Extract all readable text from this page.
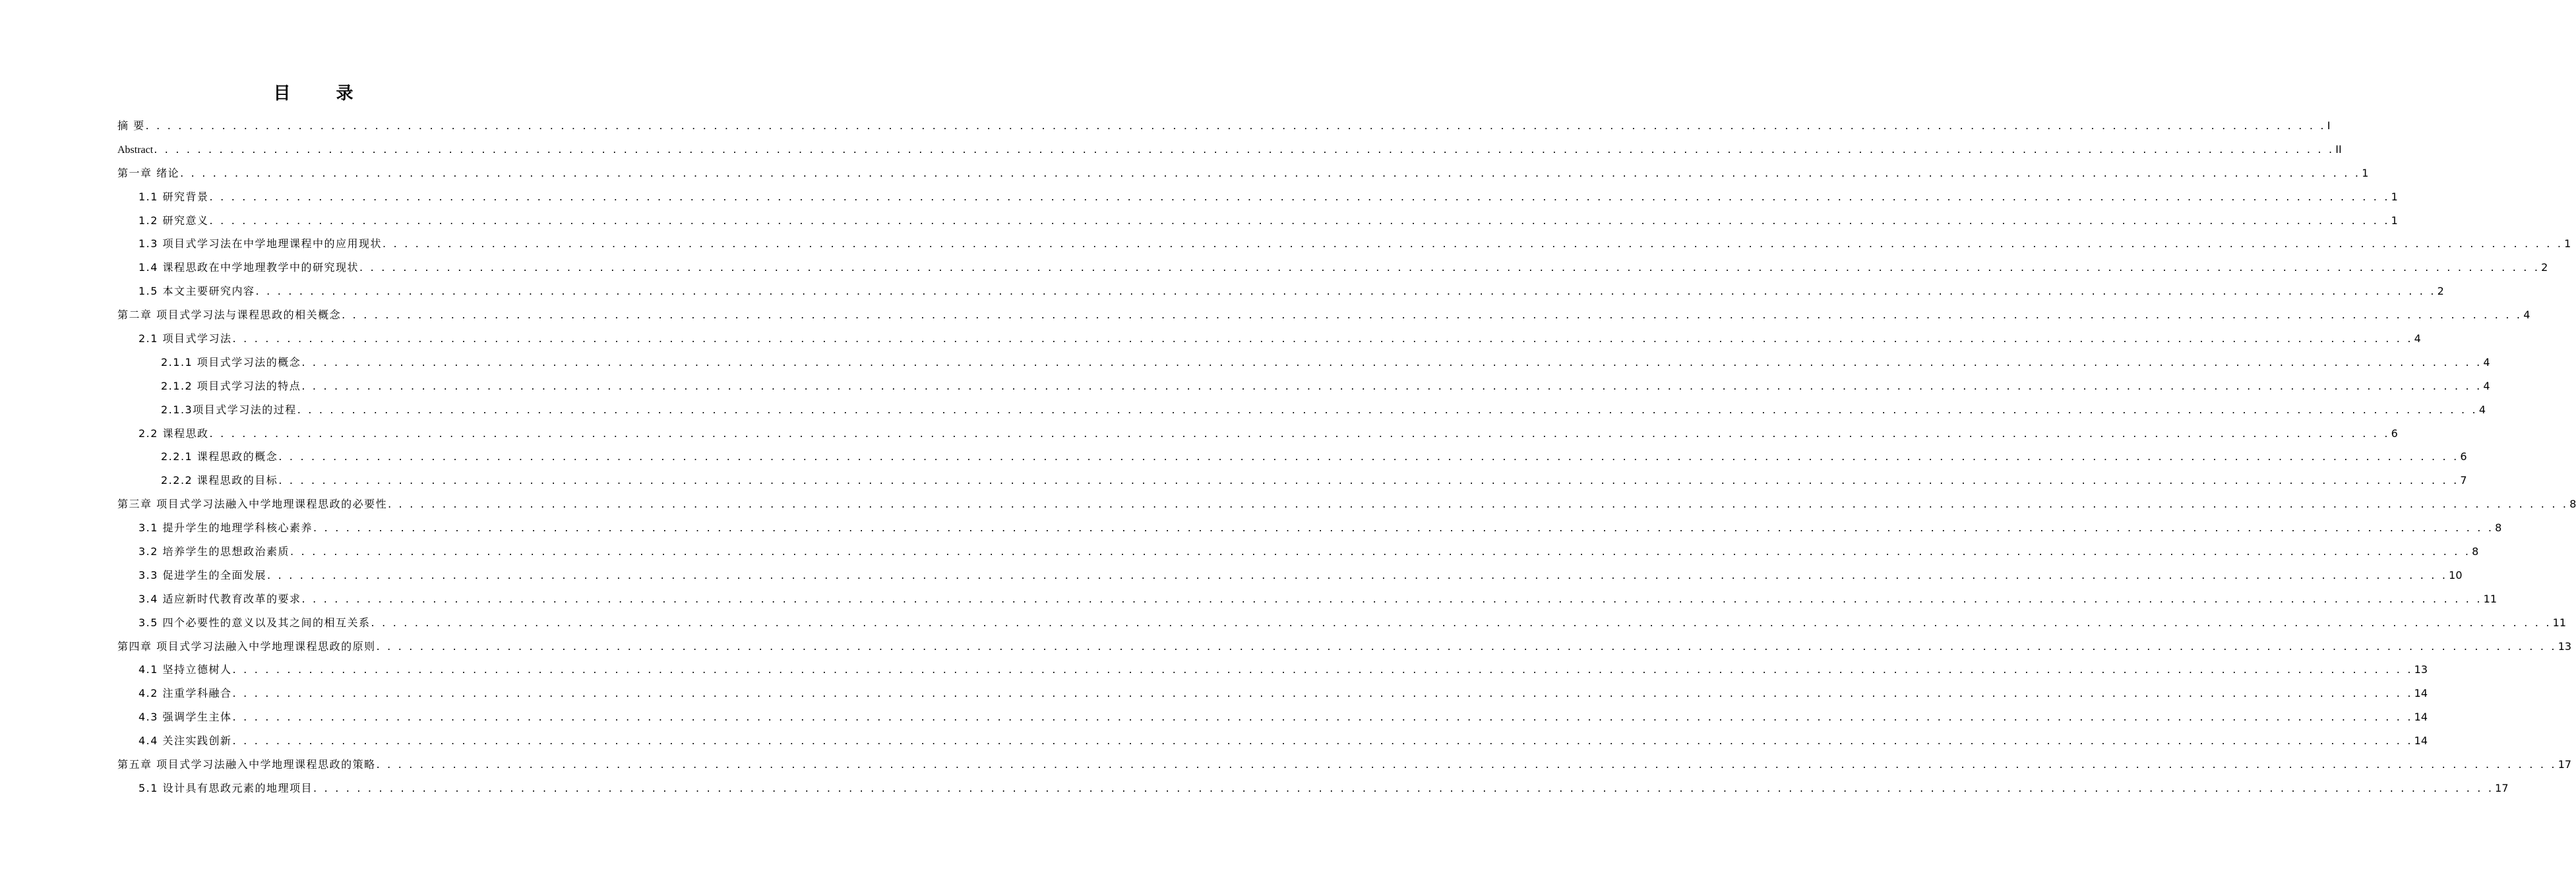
目 录
摘 要 . . . . . . . . . . . . . . . . . . . . . . . . . . . . . . . . . . . . . . . . . . . . . . . . . . . . . . . . . . . . . . . . . . . . . . . . . . . . . . . . . . . . . . . . . . . . . . . . . . . . . . . . . . . . . . . . . . . . . . . . . . . . . . . . . . . . . . . . . . . . . . . . . . . . . . . . . . . . . . . . . . . . . . . . . . . . . . . . . . . . . . . . . . . . . . . . . . . . . . . . I
Abstract . . . . . . . . . . . . . . . . . . . . . . . . . . . . . . . . . . . . . . . . . . . . . . . . . . . . . . . . . . . . . . . . . . . . . . . . . . . . . . . . . . . . . . . . . . . . . . . . . . . . . . . . . . . . . . . . . . . . . . . . . . . . . . . . . . . . . . . . . . . . . . . . . . . . . . . . . . . . . . . . . . . . . . . . . . . . . . . . . . . . . . . . . . . . . . . . . . . . . . . . II
第一章 绪论 . . . . . . . . . . . . . . . . . . . . . . . . . . . . . . . . . . . . . . . . . . . . . . . . . . . . . . . . . . . . . . . . . . . . . . . . . . . . . . . . . . . . . . . . . . . . . . . . . . . . . . . . . . . . . . . . . . . . . . . . . . . . . . . . . . . . . . . . . . . . . . . . . . . . . . . . . . . . . . . . . . . . . . . . . . . . . . . . . . . . . . . . . . . . . . . . . . . . . . . . 1
1.1 研究背景 . . . . . . . . . . . . . . . . . . . . . . . . . . . . . . . . . . . . . . . . . . . . . . . . . . . . . . . . . . . . . . . . . . . . . . . . . . . . . . . . . . . . . . . . . . . . . . . . . . . . . . . . . . . . . . . . . . . . . . . . . . . . . . . . . . . . . . . . . . . . . . . . . . . . . . . . . . . . . . . . . . . . . . . . . . . . . . . . . . . . . . . . . . . . . . . . . . . . . . . . 1
1.2 研究意义 . . . . . . . . . . . . . . . . . . . . . . . . . . . . . . . . . . . . . . . . . . . . . . . . . . . . . . . . . . . . . . . . . . . . . . . . . . . . . . . . . . . . . . . . . . . . . . . . . . . . . . . . . . . . . . . . . . . . . . . . . . . . . . . . . . . . . . . . . . . . . . . . . . . . . . . . . . . . . . . . . . . . . . . . . . . . . . . . . . . . . . . . . . . . . . . . . . . . . . . . 1
1.3 项目式学习法在中学地理课程中的应用现状 . . . . . . . . . . . . . . . . . . . . . . . . . . . . . . . . . . . . . . . . . . . . . . . . . . . . . . . . . . . . . . . . . . . . . . . . . . . . . . . . . . . . . . . . . . . . . . . . . . . . . . . . . . . . . . . . . . . . . . . . . . . . . . . . . . . . . . . . . . . . . . . . . . . . . . . . . . . . . . . . . . . . . . . . . . . . . . . . . . . . . . . . . . . . . . . . . . . . . . . . 1
1.4 课程思政在中学地理教学中的研究现状 . . . . . . . . . . . . . . . . . . . . . . . . . . . . . . . . . . . . . . . . . . . . . . . . . . . . . . . . . . . . . . . . . . . . . . . . . . . . . . . . . . . . . . . . . . . . . . . . . . . . . . . . . . . . . . . . . . . . . . . . . . . . . . . . . . . . . . . . . . . . . . . . . . . . . . . . . . . . . . . . . . . . . . . . . . . . . . . . . . . . . . . . . . . . . . . . . . . . . . . . 2
1.5 本文主要研究内容 . . . . . . . . . . . . . . . . . . . . . . . . . . . . . . . . . . . . . . . . . . . . . . . . . . . . . . . . . . . . . . . . . . . . . . . . . . . . . . . . . . . . . . . . . . . . . . . . . . . . . . . . . . . . . . . . . . . . . . . . . . . . . . . . . . . . . . . . . . . . . . . . . . . . . . . . . . . . . . . . . . . . . . . . . . . . . . . . . . . . . . . . . . . . . . . . . . . . . . . . 2
第二章 项目式学习法与课程思政的相关概念 . . . . . . . . . . . . . . . . . . . . . . . . . . . . . . . . . . . . . . . . . . . . . . . . . . . . . . . . . . . . . . . . . . . . . . . . . . . . . . . . . . . . . . . . . . . . . . . . . . . . . . . . . . . . . . . . . . . . . . . . . . . . . . . . . . . . . . . . . . . . . . . . . . . . . . . . . . . . . . . . . . . . . . . . . . . . . . . . . . . . . . . . . . . . . . . . . . . . . . . . 4
2.1 项目式学习法 . . . . . . . . . . . . . . . . . . . . . . . . . . . . . . . . . . . . . . . . . . . . . . . . . . . . . . . . . . . . . . . . . . . . . . . . . . . . . . . . . . . . . . . . . . . . . . . . . . . . . . . . . . . . . . . . . . . . . . . . . . . . . . . . . . . . . . . . . . . . . . . . . . . . . . . . . . . . . . . . . . . . . . . . . . . . . . . . . . . . . . . . . . . . . . . . . . . . . . . . 4
2.1.1 项目式学习法的概念 . . . . . . . . . . . . . . . . . . . . . . . . . . . . . . . . . . . . . . . . . . . . . . . . . . . . . . . . . . . . . . . . . . . . . . . . . . . . . . . . . . . . . . . . . . . . . . . . . . . . . . . . . . . . . . . . . . . . . . . . . . . . . . . . . . . . . . . . . . . . . . . . . . . . . . . . . . . . . . . . . . . . . . . . . . . . . . . . . . . . . . . . . . . . . . . . . . . . . . . . 4
2.1.2 项目式学习法的特点 . . . . . . . . . . . . . . . . . . . . . . . . . . . . . . . . . . . . . . . . . . . . . . . . . . . . . . . . . . . . . . . . . . . . . . . . . . . . . . . . . . . . . . . . . . . . . . . . . . . . . . . . . . . . . . . . . . . . . . . . . . . . . . . . . . . . . . . . . . . . . . . . . . . . . . . . . . . . . . . . . . . . . . . . . . . . . . . . . . . . . . . . . . . . . . . . . . . . . . . . 4
2.1.3项目式学习法的过程 . . . . . . . . . . . . . . . . . . . . . . . . . . . . . . . . . . . . . . . . . . . . . . . . . . . . . . . . . . . . . . . . . . . . . . . . . . . . . . . . . . . . . . . . . . . . . . . . . . . . . . . . . . . . . . . . . . . . . . . . . . . . . . . . . . . . . . . . . . . . . . . . . . . . . . . . . . . . . . . . . . . . . . . . . . . . . . . . . . . . . . . . . . . . . . . . . . . . . . . . 4
2.2 课程思政 . . . . . . . . . . . . . . . . . . . . . . . . . . . . . . . . . . . . . . . . . . . . . . . . . . . . . . . . . . . . . . . . . . . . . . . . . . . . . . . . . . . . . . . . . . . . . . . . . . . . . . . . . . . . . . . . . . . . . . . . . . . . . . . . . . . . . . . . . . . . . . . . . . . . . . . . . . . . . . . . . . . . . . . . . . . . . . . . . . . . . . . . . . . . . . . . . . . . . . . . 6
2.2.1 课程思政的概念 . . . . . . . . . . . . . . . . . . . . . . . . . . . . . . . . . . . . . . . . . . . . . . . . . . . . . . . . . . . . . . . . . . . . . . . . . . . . . . . . . . . . . . . . . . . . . . . . . . . . . . . . . . . . . . . . . . . . . . . . . . . . . . . . . . . . . . . . . . . . . . . . . . . . . . . . . . . . . . . . . . . . . . . . . . . . . . . . . . . . . . . . . . . . . . . . . . . . . . . . 6
2.2.2 课程思政的目标 . . . . . . . . . . . . . . . . . . . . . . . . . . . . . . . . . . . . . . . . . . . . . . . . . . . . . . . . . . . . . . . . . . . . . . . . . . . . . . . . . . . . . . . . . . . . . . . . . . . . . . . . . . . . . . . . . . . . . . . . . . . . . . . . . . . . . . . . . . . . . . . . . . . . . . . . . . . . . . . . . . . . . . . . . . . . . . . . . . . . . . . . . . . . . . . . . . . . . . . . 7
第三章 项目式学习法融入中学地理课程思政的必要性 . . . . . . . . . . . . . . . . . . . . . . . . . . . . . . . . . . . . . . . . . . . . . . . . . . . . . . . . . . . . . . . . . . . . . . . . . . . . . . . . . . . . . . . . . . . . . . . . . . . . . . . . . . . . . . . . . . . . . . . . . . . . . . . . . . . . . . . . . . . . . . . . . . . . . . . . . . . . . . . . . . . . . . . . . . . . . . . . . . . . . . . . . . . . . . . . . . . . . . . . 8
3.1 提升学生的地理学科核心素养 . . . . . . . . . . . . . . . . . . . . . . . . . . . . . . . . . . . . . . . . . . . . . . . . . . . . . . . . . . . . . . . . . . . . . . . . . . . . . . . . . . . . . . . . . . . . . . . . . . . . . . . . . . . . . . . . . . . . . . . . . . . . . . . . . . . . . . . . . . . . . . . . . . . . . . . . . . . . . . . . . . . . . . . . . . . . . . . . . . . . . . . . . . . . . . . . . . . . . . . . 8
3.2 培养学生的思想政治素质 . . . . . . . . . . . . . . . . . . . . . . . . . . . . . . . . . . . . . . . . . . . . . . . . . . . . . . . . . . . . . . . . . . . . . . . . . . . . . . . . . . . . . . . . . . . . . . . . . . . . . . . . . . . . . . . . . . . . . . . . . . . . . . . . . . . . . . . . . . . . . . . . . . . . . . . . . . . . . . . . . . . . . . . . . . . . . . . . . . . . . . . . . . . . . . . . . . . . . . . . 8
3.3 促进学生的全面发展 . . . . . . . . . . . . . . . . . . . . . . . . . . . . . . . . . . . . . . . . . . . . . . . . . . . . . . . . . . . . . . . . . . . . . . . . . . . . . . . . . . . . . . . . . . . . . . . . . . . . . . . . . . . . . . . . . . . . . . . . . . . . . . . . . . . . . . . . . . . . . . . . . . . . . . . . . . . . . . . . . . . . . . . . . . . . . . . . . . . . . . . . . . . . . . . . . . . . . . . . 10
3.4 适应新时代教育改革的要求 . . . . . . . . . . . . . . . . . . . . . . . . . . . . . . . . . . . . . . . . . . . . . . . . . . . . . . . . . . . . . . . . . . . . . . . . . . . . . . . . . . . . . . . . . . . . . . . . . . . . . . . . . . . . . . . . . . . . . . . . . . . . . . . . . . . . . . . . . . . . . . . . . . . . . . . . . . . . . . . . . . . . . . . . . . . . . . . . . . . . . . . . . . . . . . . . . . . . . . . . 11
3.5 四个必要性的意义以及其之间的相互关系 . . . . . . . . . . . . . . . . . . . . . . . . . . . . . . . . . . . . . . . . . . . . . . . . . . . . . . . . . . . . . . . . . . . . . . . . . . . . . . . . . . . . . . . . . . . . . . . . . . . . . . . . . . . . . . . . . . . . . . . . . . . . . . . . . . . . . . . . . . . . . . . . . . . . . . . . . . . . . . . . . . . . . . . . . . . . . . . . . . . . . . . . . . . . . . . . . . . . . . . . 11
第四章 项目式学习法融入中学地理课程思政的原则 . . . . . . . . . . . . . . . . . . . . . . . . . . . . . . . . . . . . . . . . . . . . . . . . . . . . . . . . . . . . . . . . . . . . . . . . . . . . . . . . . . . . . . . . . . . . . . . . . . . . . . . . . . . . . . . . . . . . . . . . . . . . . . . . . . . . . . . . . . . . . . . . . . . . . . . . . . . . . . . . . . . . . . . . . . . . . . . . . . . . . . . . . . . . . . . . . . . . . . . . 13
4.1 坚持立德树人 . . . . . . . . . . . . . . . . . . . . . . . . . . . . . . . . . . . . . . . . . . . . . . . . . . . . . . . . . . . . . . . . . . . . . . . . . . . . . . . . . . . . . . . . . . . . . . . . . . . . . . . . . . . . . . . . . . . . . . . . . . . . . . . . . . . . . . . . . . . . . . . . . . . . . . . . . . . . . . . . . . . . . . . . . . . . . . . . . . . . . . . . . . . . . . . . . . . . . . . . 13
4.2 注重学科融合 . . . . . . . . . . . . . . . . . . . . . . . . . . . . . . . . . . . . . . . . . . . . . . . . . . . . . . . . . . . . . . . . . . . . . . . . . . . . . . . . . . . . . . . . . . . . . . . . . . . . . . . . . . . . . . . . . . . . . . . . . . . . . . . . . . . . . . . . . . . . . . . . . . . . . . . . . . . . . . . . . . . . . . . . . . . . . . . . . . . . . . . . . . . . . . . . . . . . . . . . 14
4.3 强调学生主体 . . . . . . . . . . . . . . . . . . . . . . . . . . . . . . . . . . . . . . . . . . . . . . . . . . . . . . . . . . . . . . . . . . . . . . . . . . . . . . . . . . . . . . . . . . . . . . . . . . . . . . . . . . . . . . . . . . . . . . . . . . . . . . . . . . . . . . . . . . . . . . . . . . . . . . . . . . . . . . . . . . . . . . . . . . . . . . . . . . . . . . . . . . . . . . . . . . . . . . . . 14
4.4 关注实践创新 . . . . . . . . . . . . . . . . . . . . . . . . . . . . . . . . . . . . . . . . . . . . . . . . . . . . . . . . . . . . . . . . . . . . . . . . . . . . . . . . . . . . . . . . . . . . . . . . . . . . . . . . . . . . . . . . . . . . . . . . . . . . . . . . . . . . . . . . . . . . . . . . . . . . . . . . . . . . . . . . . . . . . . . . . . . . . . . . . . . . . . . . . . . . . . . . . . . . . . . . 14
第五章 项目式学习法融入中学地理课程思政的策略 . . . . . . . . . . . . . . . . . . . . . . . . . . . . . . . . . . . . . . . . . . . . . . . . . . . . . . . . . . . . . . . . . . . . . . . . . . . . . . . . . . . . . . . . . . . . . . . . . . . . . . . . . . . . . . . . . . . . . . . . . . . . . . . . . . . . . . . . . . . . . . . . . . . . . . . . . . . . . . . . . . . . . . . . . . . . . . . . . . . . . . . . . . . . . . . . . . . . . . . . 17
5.1 设计具有思政元素的地理项目 . . . . . . . . . . . . . . . . . . . . . . . . . . . . . . . . . . . . . . . . . . . . . . . . . . . . . . . . . . . . . . . . . . . . . . . . . . . . . . . . . . . . . . . . . . . . . . . . . . . . . . . . . . . . . . . . . . . . . . . . . . . . . . . . . . . . . . . . . . . . . . . . . . . . . . . . . . . . . . . . . . . . . . . . . . . . . . . . . . . . . . . . . . . . . . . . . . . . . . . . 17
